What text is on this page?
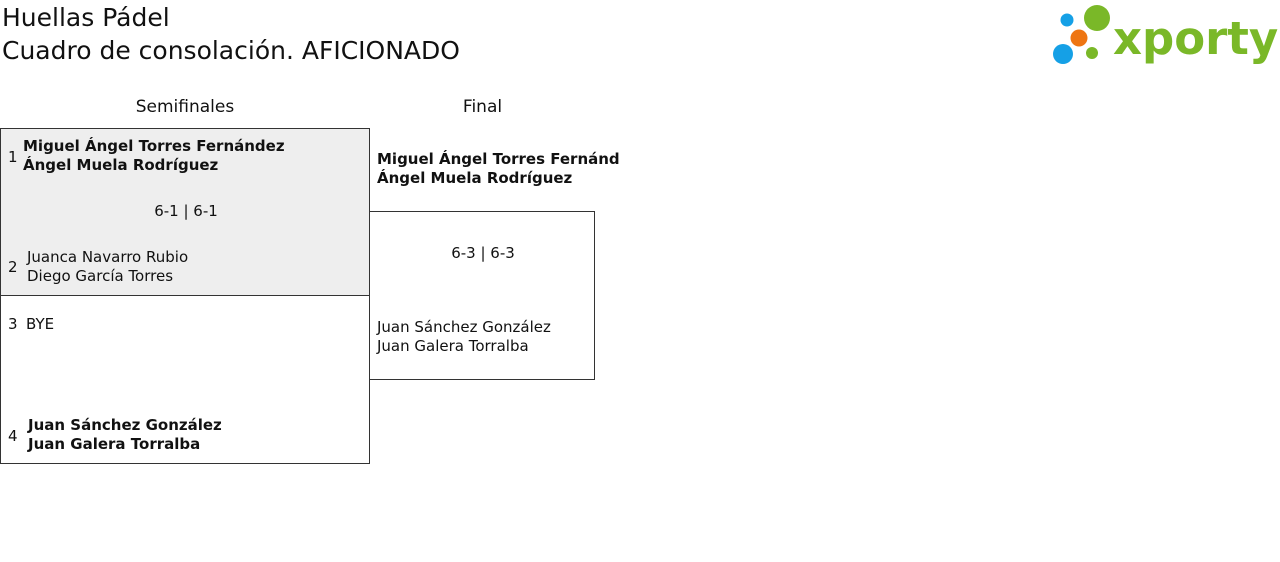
Huellas Pádel
Cuadro de consolación. AFICIONADO	xporty
Semifinales	Final
1
Miguel Ángel Torres Fernández
Ángel Muela Rodríguez
6-1 | 6-1
2
Juanca Navarro Rubio
Diego García Torres
3 BYE
4
Juan Sánchez González
Juan Galera Torralba
Miguel Ángel Torres Fernánd
Ángel Muela Rodríguez
6-3 | 6-3
Juan Sánchez González
Juan Galera Torralba
